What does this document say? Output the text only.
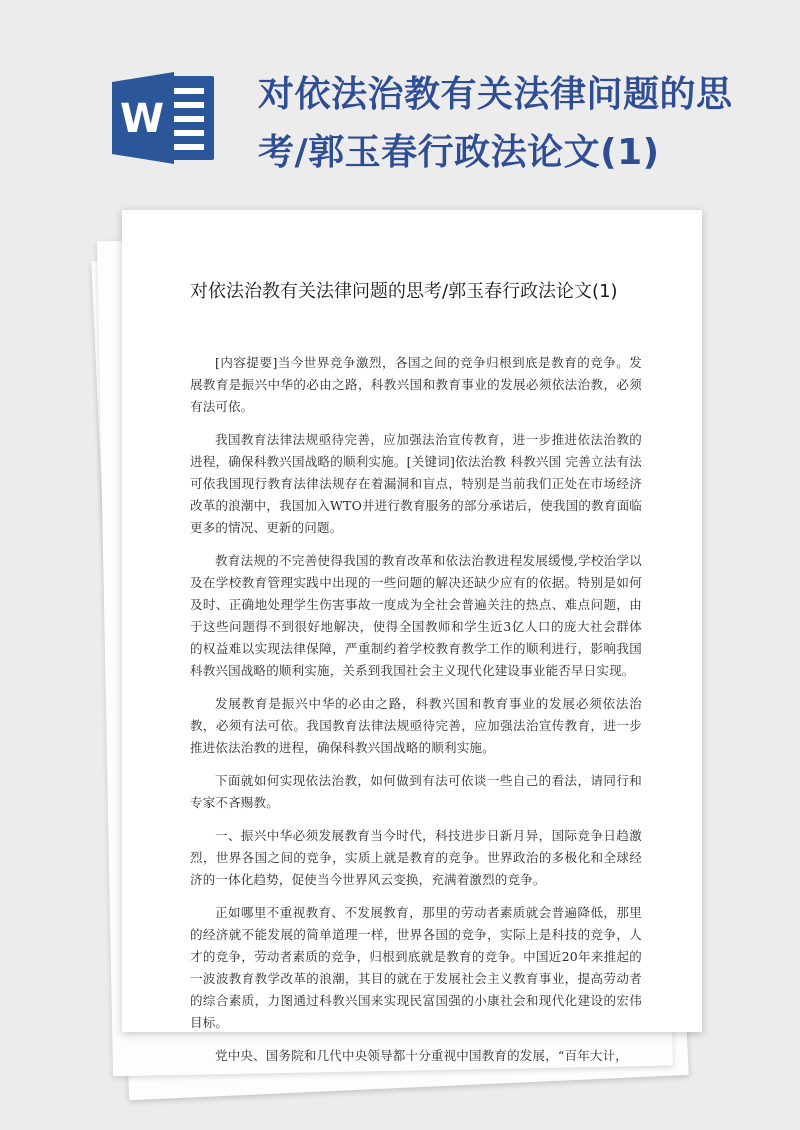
W
对依法治教有关法律问题的思考/郭玉春行政法论文(1)
对依法治教有关法律问题的思考/郭玉春行政法论文(1)

[内容提要]当今世界竞争激烈，各国之间的竞争归根到底是教育的竞争。发展教育是振兴中华的必由之路，科教兴国和教育事业的发展必须依法治教，必须有法可依。

我国教育法律法规亟待完善，应加强法治宣传教育，进一步推进依法治教的进程，确保科教兴国战略的顺利实施。[关键词]依法治教 科教兴国 完善立法有法可依我国现行教育法律法规存在着漏洞和盲点，特别是当前我们正处在市场经济改革的浪潮中，我国加入WTO并进行教育服务的部分承诺后，使我国的教育面临更多的情况、更新的问题。

教育法规的不完善使得我国的教育改革和依法治教进程发展缓慢,学校治学以及在学校教育管理实践中出现的一些问题的解决还缺少应有的依据。特别是如何及时、正确地处理学生伤害事故一度成为全社会普遍关注的热点、难点问题，由于这些问题得不到很好地解决，使得全国教师和学生近3亿人口的庞大社会群体的权益难以实现法律保障，严重制约着学校教育教学工作的顺利进行，影响我国科教兴国战略的顺利实施，关系到我国社会主义现代化建设事业能否早日实现。

发展教育是振兴中华的必由之路，科教兴国和教育事业的发展必须依法治教，必须有法可依。我国教育法律法规亟待完善，应加强法治宣传教育，进一步推进依法治教的进程，确保科教兴国战略的顺利实施。

下面就如何实现依法治教，如何做到有法可依谈一些自己的看法，请同行和专家不吝赐教。

一、振兴中华必须发展教育当今时代，科技进步日新月异，国际竞争日趋激烈，世界各国之间的竞争，实质上就是教育的竞争。世界政治的多极化和全球经济的一体化趋势，促使当今世界风云变换，充满着激烈的竞争。

正如哪里不重视教育、不发展教育，那里的劳动者素质就会普遍降低，那里的经济就不能发展的简单道理一样，世界各国的竞争，实际上是科技的竞争，人才的竞争，劳动者素质的竞争，归根到底就是教育的竞争。中国近20年来推起的一波波教育教学改革的浪潮，其目的就在于发展社会主义教育事业，提高劳动者的综合素质，力图通过科教兴国来实现民富国强的小康社会和现代化建设的宏伟目标。

党中央、国务院和几代中央领导都十分重视中国教育的发展，“百年大计，
